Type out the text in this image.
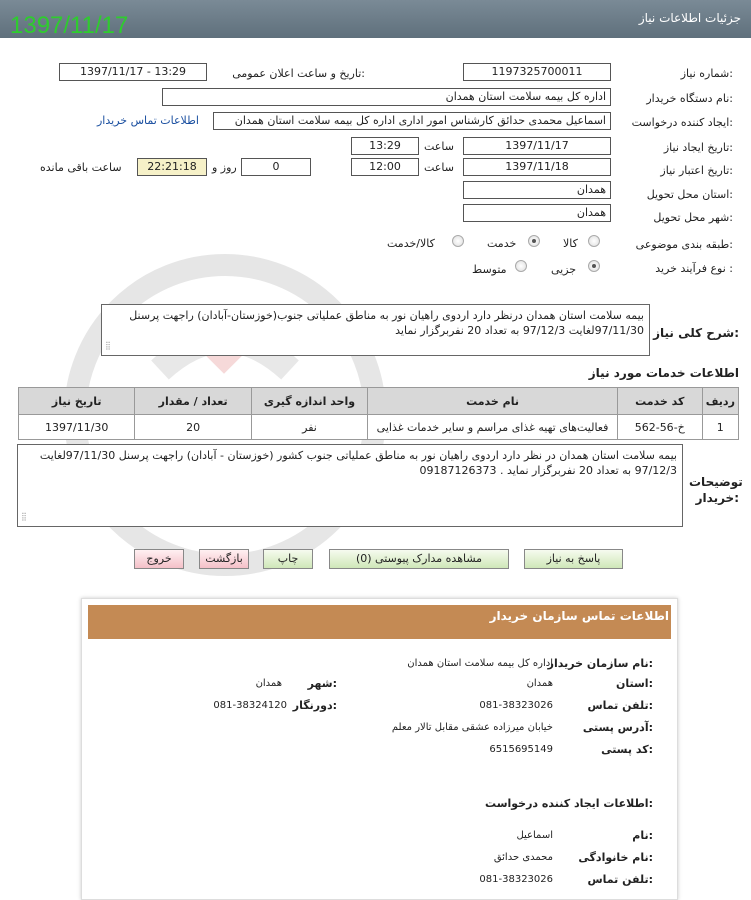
جزئیات اطلاعات نیاز
1397/11/17
شماره نیاز:
1197325700011
تاریخ و ساعت اعلان عمومی:
1397/11/17 - 13:29
نام دستگاه خریدار:
اداره کل بیمه سلامت استان همدان
ایجاد کننده درخواست:
اسماعیل محمدی حدائق کارشناس امور اداری اداره کل بیمه سلامت استان همدان
اطلاعات تماس خریدار
تاریخ ایجاد نیاز:
1397/11/17
ساعت
13:29
تاریخ اعتبار نیاز:
1397/11/18
ساعت
12:00
0
روز و
22:21:18
ساعت باقی مانده
استان محل تحویل:
همدان
شهر محل تحویل:
همدان
طبقه بندی موضوعی:
کالا
خدمت
کالا/خدمت
نوع فرآیند خرید :
جزیی
متوسط
شرح کلی نیاز:
بیمه سلامت استان همدان درنظر دارد اردوی راهیان نور به مناطق عملیاتی جنوب(خوزستان-آبادان) راجهت پرسنل 97/11/30لغایت 97/12/3 به تعداد 20 نفربرگزار نماید
⣿
اطلاعات خدمات مورد نیاز
ردیف	کد خدمت	نام خدمت	واحد اندازه گیری	تعداد / مقدار	تاریخ نیاز
1	خ-56-562	فعالیت‌های تهیه غذای مراسم و سایر خدمات غذایی	نفر	20	1397/11/30
توضیحات خریدار:
بیمه سلامت استان همدان در نظر دارد اردوی راهیان نور به مناطق عملیاتی جنوب کشور (خوزستان - آبادان) راجهت پرسنل 97/11/30لغایت 97/12/3 به تعداد 20 نفربرگزار نماید . 09187126373
⣿
پاسخ به نیاز
مشاهده مدارک پیوستی (0)
چاپ
بازگشت
خروج
اطلاعات تماس سازمان خریدار
نام سازمان خریدار:
اداره کل بیمه سلامت استان همدان
استان:
همدان
شهر:
همدان
تلفن تماس:
081-38323026
دورنگار:
081-38324120
آدرس پستی:
خیابان میرزاده عشقی مقابل تالار معلم
کد پستی:
6515695149
اطلاعات ایجاد کننده درخواست:
نام:
اسماعیل
نام خانوادگی:
محمدی حدائق
تلفن تماس:
081-38323026
